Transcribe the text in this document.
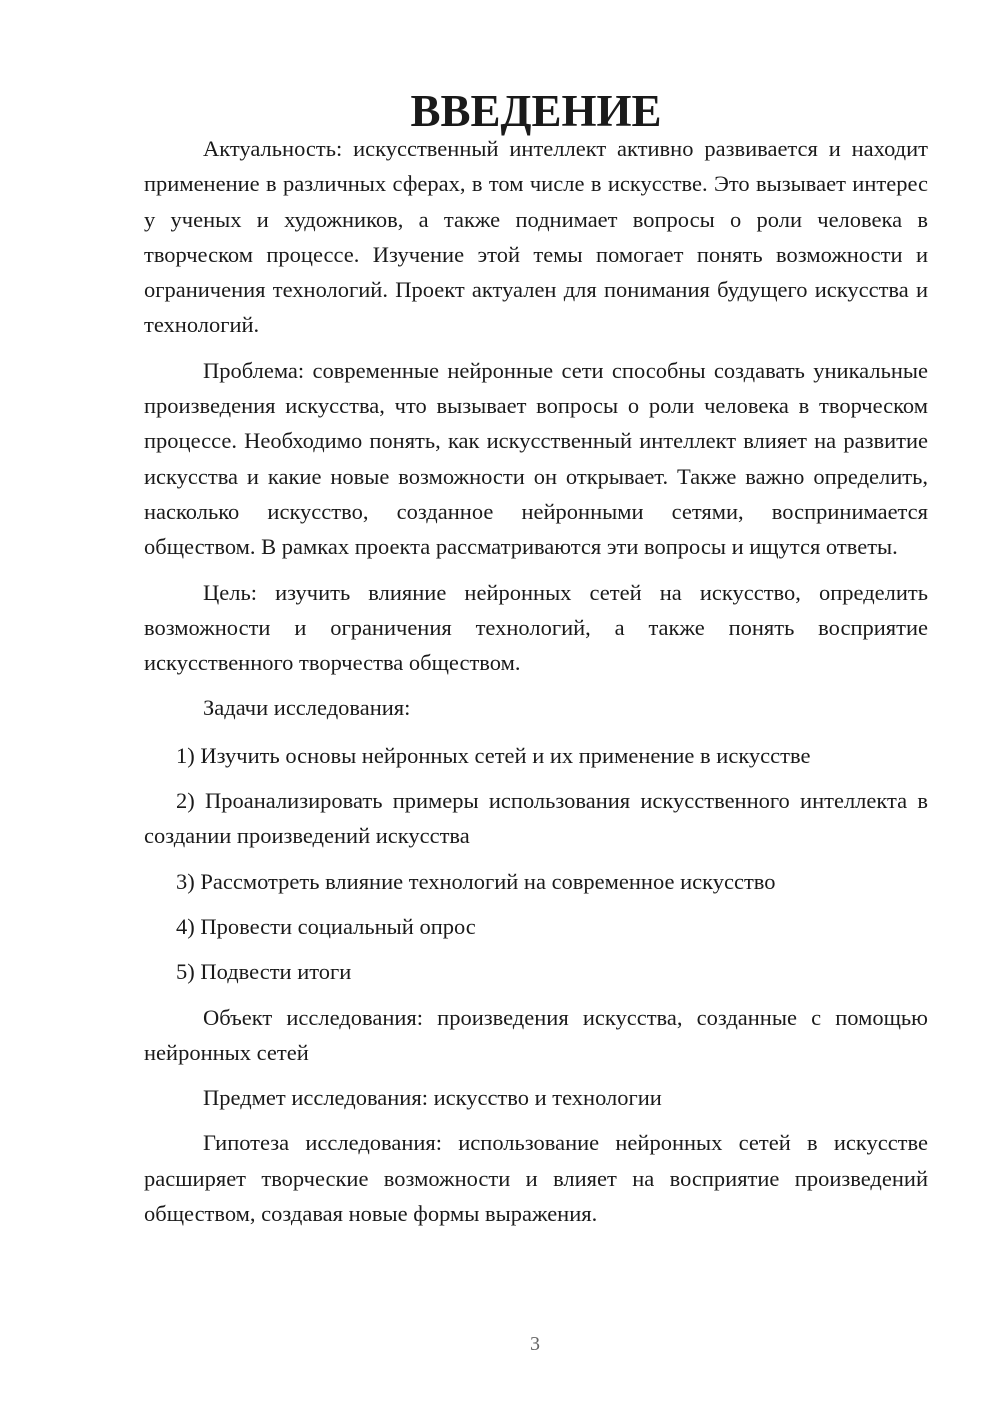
ВВЕДЕНИЕ

Актуальность: искусственный интеллект активно развивается и находит применение в различных сферах, в том числе в искусстве. Это вызывает интерес у ученых и художников, а также поднимает вопросы о роли человека в творческом процессе. Изучение этой темы помогает понять возможности и ограничения технологий. Проект актуален для понимания будущего искусства и технологий.

Проблема: современные нейронные сети способны создавать уникальные произведения искусства, что вызывает вопросы о роли человека в творческом процессе. Необходимо понять, как искусственный интеллект влияет на развитие искусства и какие новые возможности он открывает. Также важно определить, насколько искусство, созданное нейронными сетями, воспринимается обществом. В рамках проекта рассматриваются эти вопросы и ищутся ответы.

Цель: изучить влияние нейронных сетей на искусство, определить возможности и ограничения технологий, а также понять восприятие искусственного творчества обществом.

Задачи исследования:

1) Изучить основы нейронных сетей и их применение в искусстве

2) Проанализировать примеры использования искусственного интеллекта в создании произведений искусства

3) Рассмотреть влияние технологий на современное искусство

4) Провести социальный опрос

5) Подвести итоги

Объект исследования: произведения искусства, созданные с помощью нейронных сетей

Предмет исследования: искусство и технологии

Гипотеза исследования: использование нейронных сетей в искусстве расширяет творческие возможности и влияет на восприятие произведений обществом, создавая новые формы выражения.

3
